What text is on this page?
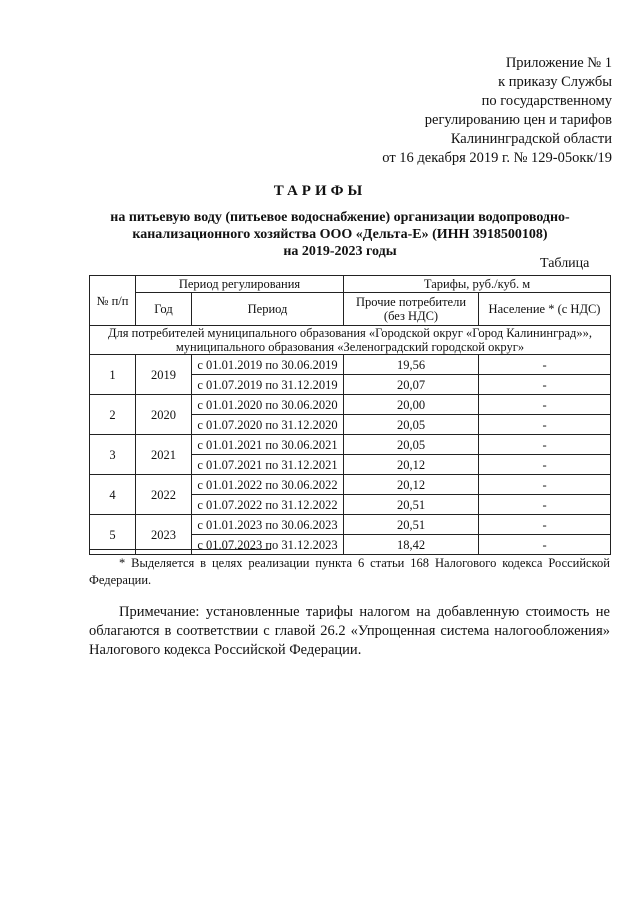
Приложение № 1
к приказу Службы
по государственному
регулированию цен и тарифов
Калининградской области
от 16 декабря 2019 г. № 129-05окк/19
ТАРИФЫ
на питьевую воду (питьевое водоснабжение) организации водопроводно-
канализационного хозяйства ООО «Дельта-Е» (ИНН 3918500108)
на 2019-2023 годы
Таблица
№ п/п	Период регулирования		Тарифы, руб./куб. м	
	Год	Период	Прочие потребители (без НДС)	Население * (с НДС)
Для потребителей муниципального образования «Городской округ «Город Калининград»», муниципального образования «Зеленоградский городской округ»				
1	2019	с 01.01.2019 по 30.06.2019	19,56	-
		с 01.07.2019 по 31.12.2019	20,07	-
2	2020	с 01.01.2020 по 30.06.2020	20,00	-
		с 01.07.2020 по 31.12.2020	20,05	-
3	2021	с 01.01.2021 по 30.06.2021	20,05	-
		с 01.07.2021 по 31.12.2021	20,12	-
4	2022	с 01.01.2022 по 30.06.2022	20,12	-
		с 01.07.2022 по 31.12.2022	20,51	-
5	2023	с 01.01.2023 по 30.06.2023	20,51	-
		с 01.07.2023 по 31.12.2023	18,42	-
* Выделяется в целях реализации пункта 6 статьи 168 Налогового кодекса Российской Федерации.
Примечание: установленные тарифы налогом на добавленную стоимость не облагаются в соответствии с главой 26.2 «Упрощенная система налогообложения» Налогового кодекса Российской Федерации.
